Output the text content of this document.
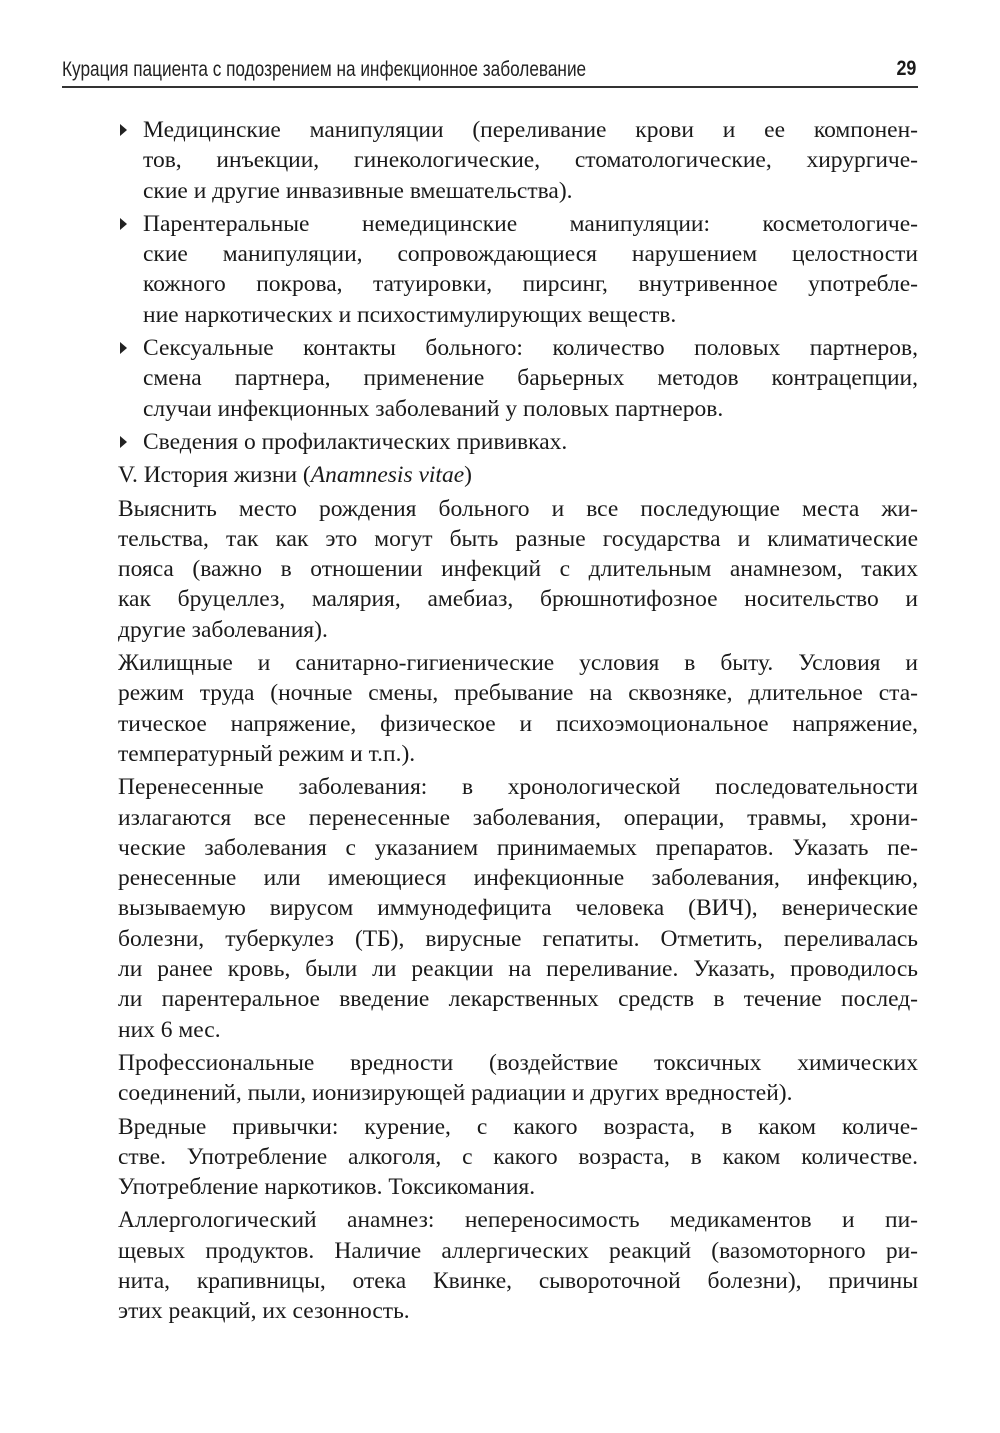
Курация пациента с подозрением на инфекционное заболевание	29
Медицинские манипуляции (переливание крови и ее компонен-
тов, инъекции, гинекологические, стоматологические, хирургиче-
ские и другие инвазивные вмешательства).
Парентеральные немедицинские манипуляции: косметологиче-
ские манипуляции, сопровождающиеся нарушением целостности
кожного покрова, татуировки, пирсинг, внутривенное употребле-
ние наркотических и психостимулирующих веществ.
Сексуальные контакты больного: количество половых партнеров,
смена партнера, применение барьерных методов контрацепции,
случаи инфекционных заболеваний у половых партнеров.
Сведения о профилактических прививках.
V. История жизни (Anamnesis vitae)
Выяснить место рождения больного и все последующие места жи-
тельства, так как это могут быть разные государства и климатические
пояса (важно в отношении инфекций с длительным анамнезом, таких
как бруцеллез, малярия, амебиаз, брюшнотифозное носительство и
другие заболевания).
Жилищные и санитарно-гигиенические условия в быту. Условия и
режим труда (ночные смены, пребывание на сквозняке, длительное ста-
тическое напряжение, физическое и психоэмоциональное напряжение,
температурный режим и т.п.).
Перенесенные заболевания: в хронологической последовательности
излагаются все перенесенные заболевания, операции, травмы, хрони-
ческие заболевания с указанием принимаемых препаратов. Указать пе-
ренесенные или имеющиеся инфекционные заболевания, инфекцию,
вызываемую вирусом иммунодефицита человека (ВИЧ), венерические
болезни, туберкулез (ТБ), вирусные гепатиты. Отметить, переливалась
ли ранее кровь, были ли реакции на переливание. Указать, проводилось
ли парентеральное введение лекарственных средств в течение послед-
них 6 мес.
Профессиональные вредности (воздействие токсичных химических
соединений, пыли, ионизирующей радиации и других вредностей).
Вредные привычки: курение, с какого возраста, в каком количе-
стве. Употребление алкоголя, с какого возраста, в каком количестве.
Употребление наркотиков. Токсикомания.
Аллергологический анамнез: непереносимость медикаментов и пи-
щевых продуктов. Наличие аллергических реакций (вазомоторного ри-
нита, крапивницы, отека Квинке, сывороточной болезни), причины
этих реакций, их сезонность.
